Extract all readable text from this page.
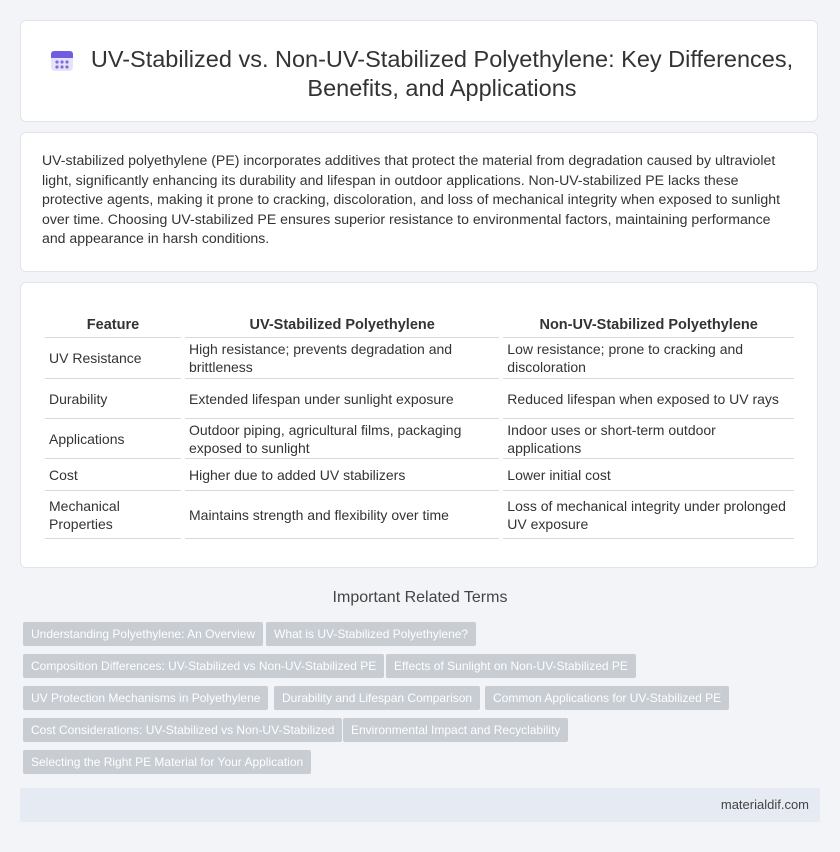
UV-Stabilized vs. Non-UV-Stabilized Polyethylene: Key Differences, Benefits, and Applications

UV-stabilized polyethylene (PE) incorporates additives that protect the material from degradation caused by ultraviolet light, significantly enhancing its durability and lifespan in outdoor applications. Non-UV-stabilized PE lacks these protective agents, making it prone to cracking, discoloration, and loss of mechanical integrity when exposed to sunlight over time. Choosing UV-stabilized PE ensures superior resistance to environmental factors, maintaining performance and appearance in harsh conditions.

Feature	UV-Stabilized Polyethylene	Non-UV-Stabilized Polyethylene
UV Resistance	High resistance; prevents degradation and brittleness	Low resistance; prone to cracking and discoloration
Durability	Extended lifespan under sunlight exposure	Reduced lifespan when exposed to UV rays
Applications	Outdoor piping, agricultural films, packaging exposed to sunlight	Indoor uses or short-term outdoor applications
Cost	Higher due to added UV stabilizers	Lower initial cost
Mechanical Properties	Maintains strength and flexibility over time	Loss of mechanical integrity under prolonged UV exposure
Important Related Terms
Understanding Polyethylene: An Overview	What is UV-Stabilized Polyethylene?
Composition Differences: UV-Stabilized vs Non-UV-Stabilized PE	Effects of Sunlight on Non-UV-Stabilized PE
UV Protection Mechanisms in Polyethylene	Durability and Lifespan Comparison	Common Applications for UV-Stabilized PE
Cost Considerations: UV-Stabilized vs Non-UV-Stabilized	Environmental Impact and Recyclability
Selecting the Right PE Material for Your Application
materialdif.com
